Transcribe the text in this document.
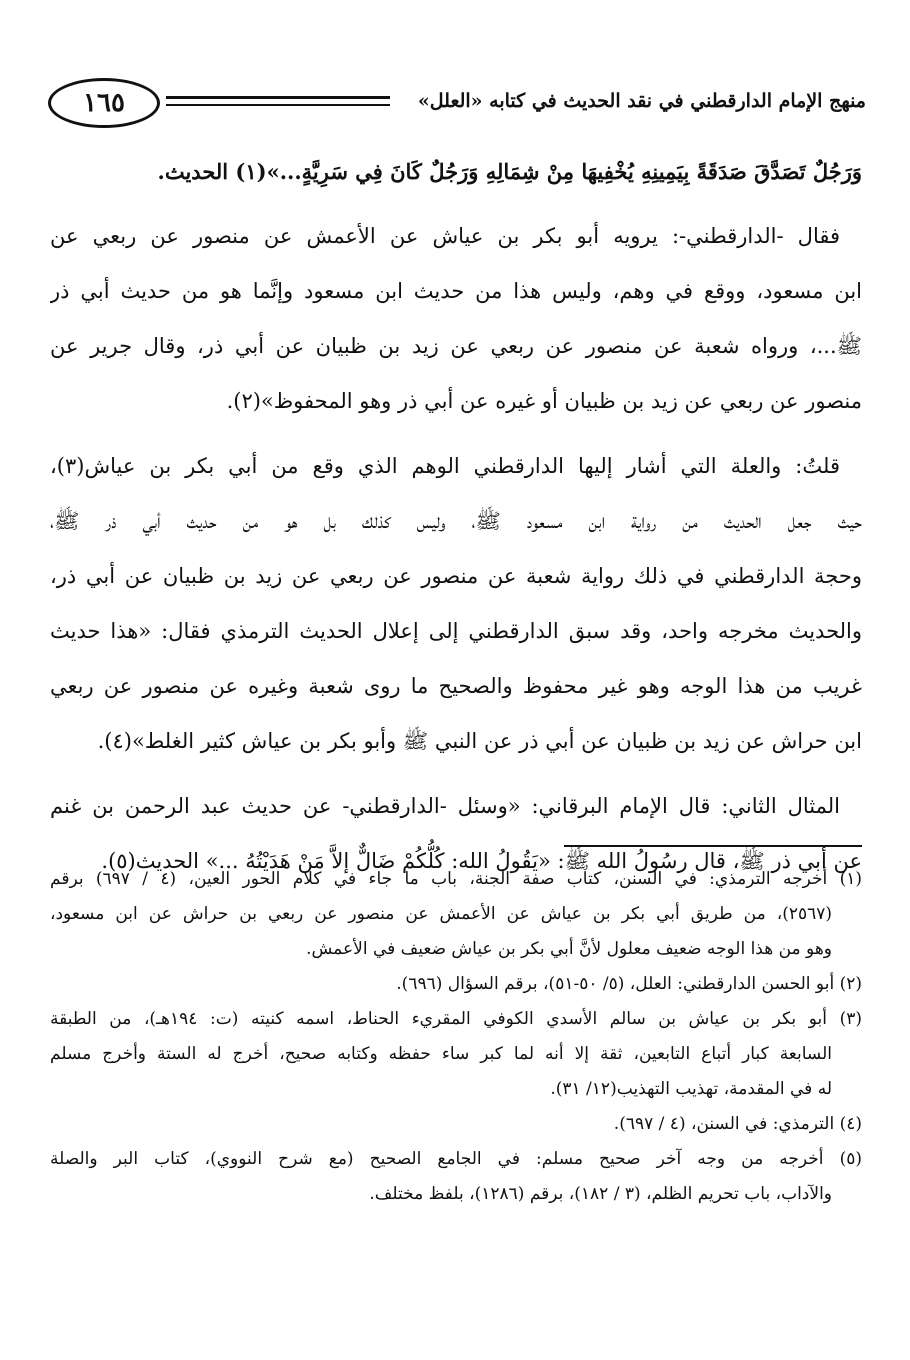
١٦٥	منهج الإمام الدارقطني في نقد الحديث في كتابه «العلل»
وَرَجُلٌ تَصَدَّقَ صَدَقَةً بِيَمِينِهِ يُخْفِيهَا مِنْ شِمَالِهِ وَرَجُلٌ كَانَ فِي سَرِيَّةٍ...»(١) الحديث.
فقال -الدارقطني-: يرويه أبو بكر بن عياش عن الأعمش عن منصور عن ربعي عن
ابن مسعود، ووقع في وهم، وليس هذا من حديث ابن مسعود وإنَّما هو من حديث أبي ذر
ﷺ...، ورواه شعبة عن منصور عن ربعي عن زيد بن ظبيان عن أبي ذر، وقال جرير عن
منصور عن ربعي عن زيد بن ظبيان أو غيره عن أبي ذر وهو المحفوظ»(٢).
قلتُ: والعلة التي أشار إليها الدارقطني الوهم الذي وقع من أبي بكر بن عياش(٣)،
حيث جعل الحديث من رواية ابن مسعود ﷺ، وليس كذلك بل هو من حديث أبي ذر ﷺ،
وحجة الدارقطني في ذلك رواية شعبة عن منصور عن ربعي عن زيد بن ظبيان عن أبي ذر،
والحديث مخرجه واحد، وقد سبق الدارقطني إلى إعلال الحديث الترمذي فقال: «هذا حديث
غريب من هذا الوجه وهو غير محفوظ والصحيح ما روى شعبة وغيره عن منصور عن ربعي
ابن حراش عن زيد بن ظبيان عن أبي ذر عن النبي ﷺ وأبو بكر بن عياش كثير الغلط»(٤).
المثال الثاني: قال الإمام البرقاني: «وسئل -الدارقطني- عن حديث عبد الرحمن بن غنم
عن أبي ذر ﷺ، قال رسُولُ الله ﷺ: «يَقُولُ الله: كُلُّكُمْ ضَالٌّ إلاَّ مَنْ هَدَيْتُهُ ...» الحديث(٥).
(١) أخرجه الترمذي: في السنن، كتاب صفة الجنة، باب ما جاء في كلام الحور العين، (٤ / ٦٩٧) برقم
(٢٥٦٧)، من طريق أبي بكر بن عياش عن الأعمش عن منصور عن ربعي بن حراش عن ابن مسعود،
وهو من هذا الوجه ضعيف معلول لأنَّ أبي بكر بن عياش ضعيف في الأعمش.
(٢) أبو الحسن الدارقطني: العلل، (٥/ ٥٠-٥١)، برقم السؤال (٦٩٦).
(٣) أبو بكر بن عياش بن سالم الأسدي الكوفي المقريء الحناط، اسمه كنيته (ت: ١٩٤هـ)، من الطبقة
السابعة كبار أتباع التابعين، ثقة إلا أنه لما كبر ساء حفظه وكتابه صحيح، أخرج له الستة وأخرج مسلم
له في المقدمة، تهذيب التهذيب(١٢/ ٣١).
(٤) الترمذي: في السنن، (٤ / ٦٩٧).
(٥) أخرجه من وجه آخر صحيح مسلم: في الجامع الصحيح (مع شرح النووي)، كتاب البر والصلة
والآداب، باب تحريم الظلم، (٣ / ١٨٢)، برقم (١٢٨٦)، بلفظ مختلف.
